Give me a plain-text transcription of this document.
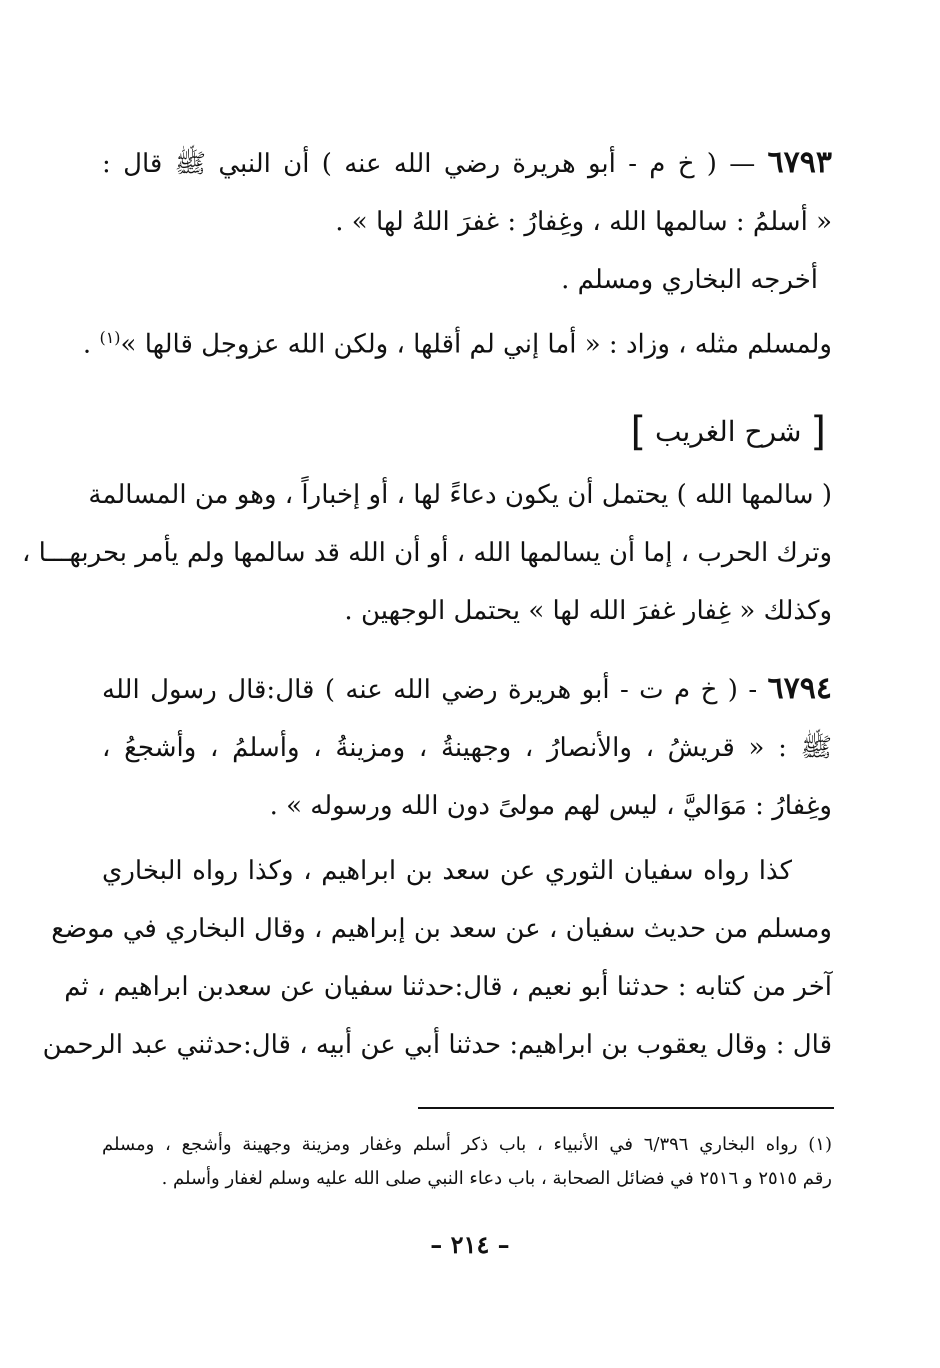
٦٧٩٣ — ( خ م - أبو هريرة رضي الله عنه ) أن النبي ﷺ قال :
« أسلمُ : سالمها الله ، وغِفارُ : غفرَ اللهُ لها » .
أخرجه البخاري ومسلم .
ولمسلم مثله ، وزاد : « أما إني لم أقلها ، ولكن الله عزوجل قالها »$^{(١)}$ .
[ شرح الغريب ]
( سالمها الله ) يحتمل أن يكون دعاءً لها ، أو إخباراً ، وهو من المسالمة
وترك الحرب ، إما أن يسالمها الله ، أو أن الله قد سالمها ولم يأمر بحربهـــا ،
وكذلك « غِفار غفرَ الله لها » يحتمل الوجهين .
٦٧٩٤ - ( خ م ت - أبو هريرة رضي الله عنه ) قال:قال رسول الله
ﷺ : « قريشُ ، والأنصارُ ، وجهينةُ ، ومزينةُ ، وأسلمُ ، وأشجعُ ،
وغِفارُ : مَوَاليَّ ، ليس لهم مولىً دون الله ورسوله » .
كذا رواه سفيان الثوري عن سعد بن ابراهيم ، وكذا رواه البخاري
ومسلم من حديث سفيان ، عن سعد بن إبراهيم ، وقال البخاري في موضع
آخر من كتابه : حدثنا أبو نعيم ، قال:حدثنا سفيان عن سعدبن ابراهيم ، ثم
قال : وقال يعقوب بن ابراهيم: حدثنا أبي عن أبيه ، قال:حدثني عبد الرحمن
(١) رواه البخاري ٦/٣٩٦ في الأنبياء ، باب ذكر أسلم وغفار ومزينة وجهينة وأشجع ، ومسلم
رقم ٢٥١٥ و ٢٥١٦ في فضائل الصحابة ، باب دعاء النبي صلى الله عليه وسلم لغفار وأسلم .
– ٢١٤ –
